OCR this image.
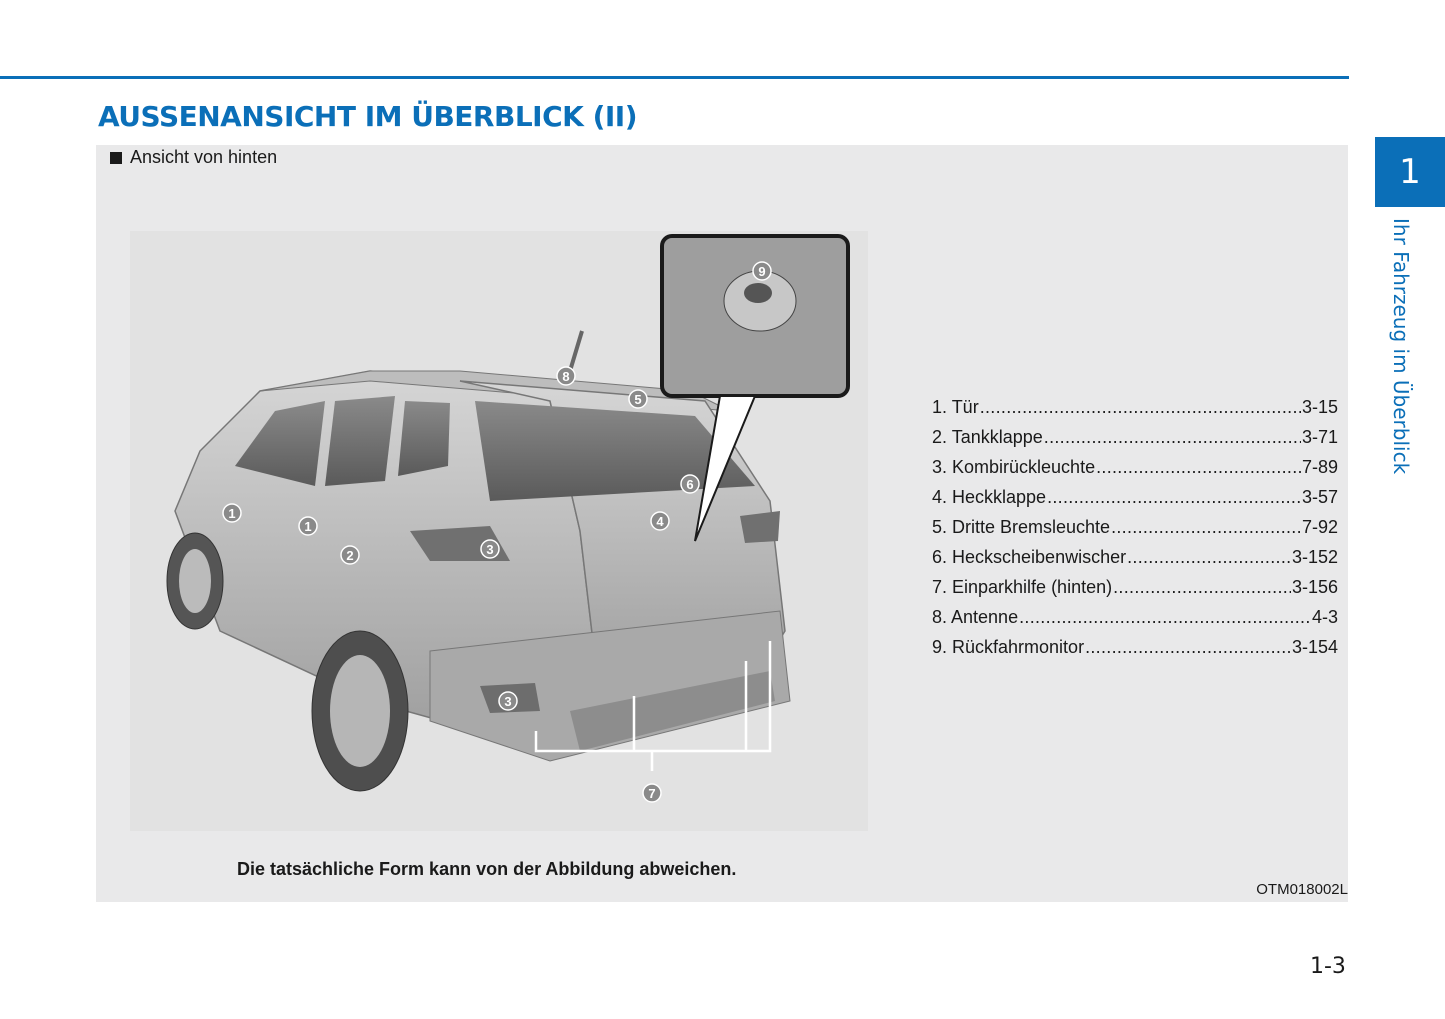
AUSSENANSICHT IM ÜBERBLICK (II)
Ansicht von hinten
1
1
2	3
3
4
5
6
7
8
9
Die tatsächliche Form kann von der Abbildung abweichen.
OTM018002L
1. Tür .....	3-15
2. Tankklappe .....	3-71
3. Kombirückleuchte .....	7-89
4. Heckklappe .....	3-57
5. Dritte Bremsleuchte .....	7-92
6. Heckscheibenwischer .....	3-152
7. Einparkhilfe (hinten) .....	3-156
8. Antenne .....	4-3
9. Rückfahrmonitor .....	3-154
1
Ihr Fahrzeug im Überblick
1-3
